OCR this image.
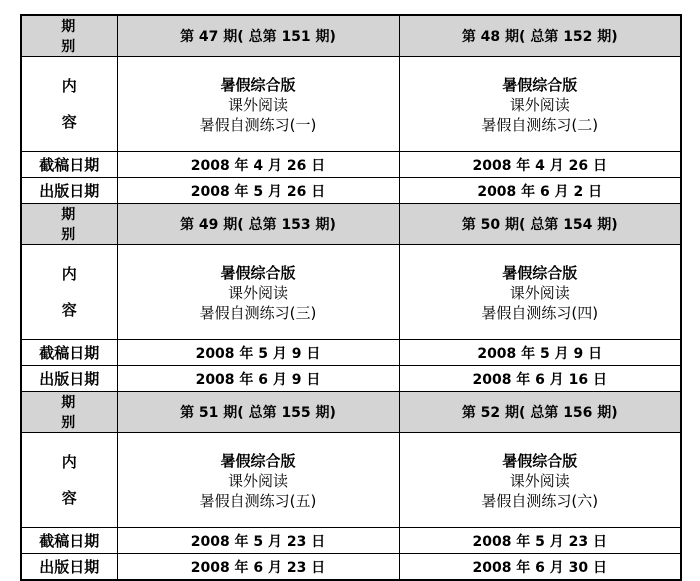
期 别	第 47 期( 总第 151 期)	第 48 期( 总第 152 期)

内
容	暑假综合版
课外阅读
暑假自测练习(一)	暑假综合版
课外阅读
暑假自测练习(二)

截稿日期	2008 年 4 月 26 日	2008 年 4 月 26 日
出版日期	2008 年 5 月 26 日	2008 年 6 月 2 日
期 别	第 49 期( 总第 153 期)	第 50 期( 总第 154 期)

内
容	暑假综合版
课外阅读
暑假自测练习(三)	暑假综合版
课外阅读
暑假自测练习(四)

截稿日期	2008 年 5 月 9 日	2008 年 5 月 9 日
出版日期	2008 年 6 月 9 日	2008 年 6 月 16 日
期 别	第 51 期( 总第 155 期)	第 52 期( 总第 156 期)

内
容	暑假综合版
课外阅读
暑假自测练习(五)	暑假综合版
课外阅读
暑假自测练习(六)

截稿日期	2008 年 5 月 23 日	2008 年 5 月 23 日
出版日期	2008 年 6 月 23 日	2008 年 6 月 30 日
